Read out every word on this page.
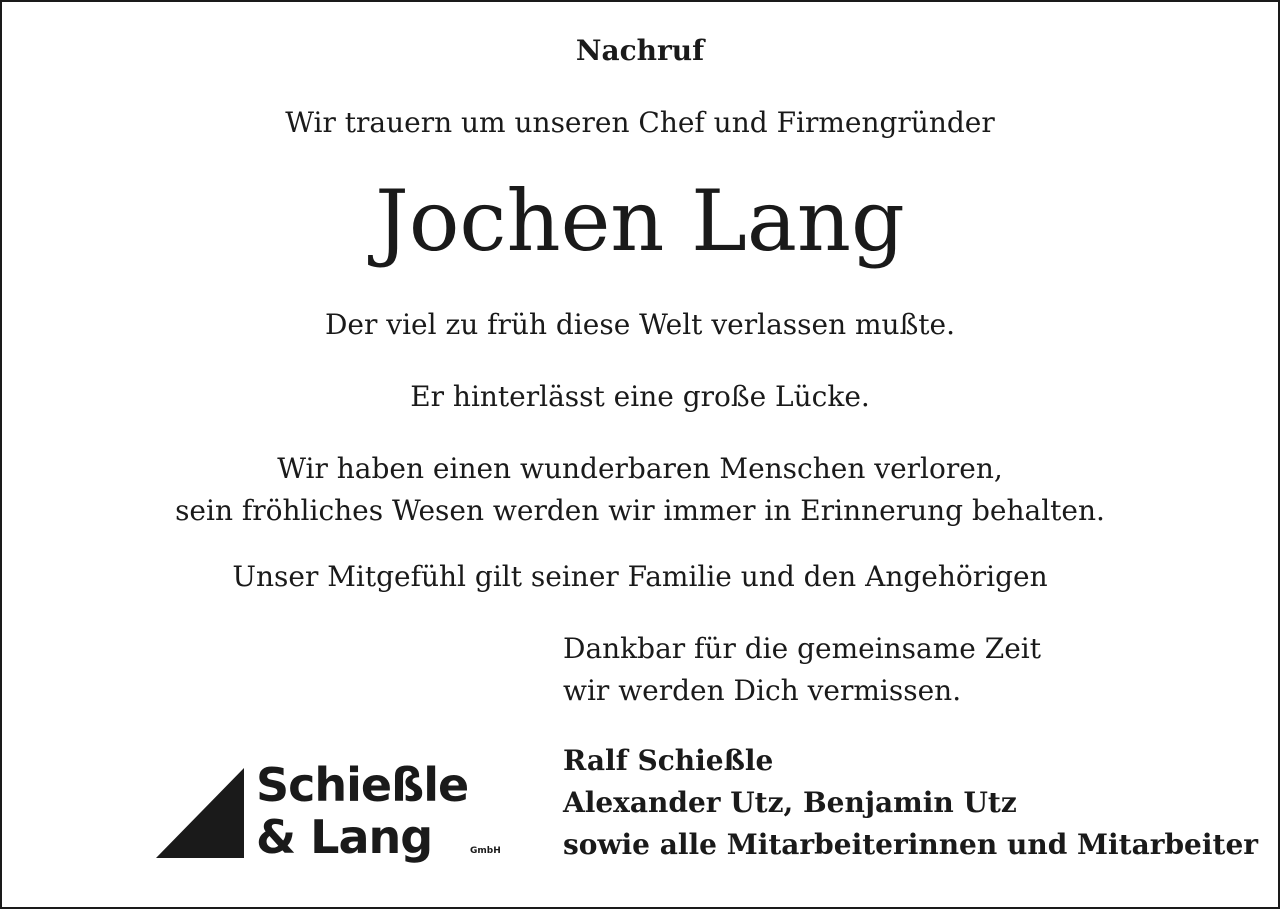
Nachruf
Wir trauern um unseren Chef und Firmengründer
Jochen Lang
Der viel zu früh diese Welt verlassen mußte.
Er hinterlässt eine große Lücke.
Wir haben einen wunderbaren Menschen verloren,
sein fröhliches Wesen werden wir immer in Erinnerung behalten.
Unser Mitgefühl gilt seiner Familie und den Angehörigen
Dankbar für die gemeinsame Zeit
wir werden Dich vermissen.
Ralf Schießle
Alexander Utz, Benjamin Utz
sowie alle Mitarbeiterinnen und Mitarbeiter
Schießle
& Lang	GmbH
